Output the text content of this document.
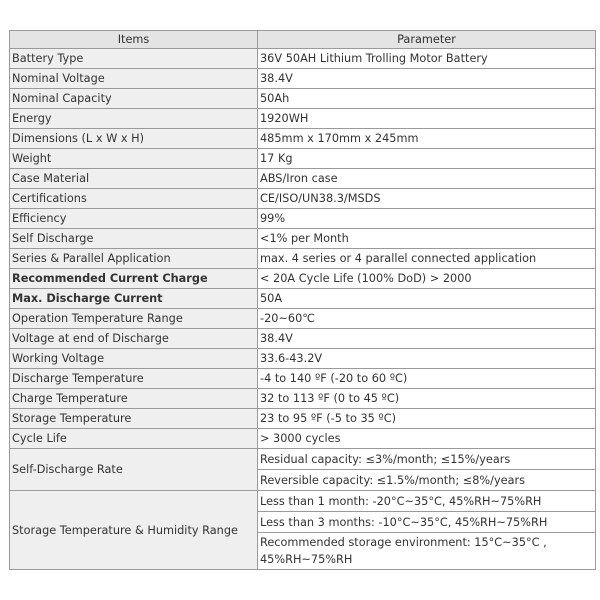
Items	Parameter
Battery Type	36V 50AH Lithium Trolling Motor Battery
Nominal Voltage	38.4V
Nominal Capacity	50Ah
Energy	1920WH
Dimensions (L x W x H)	485mm x 170mm x 245mm
Weight	17 Kg
Case Material	ABS/Iron case
Certifications	CE/ISO/UN38.3/MSDS
Efficiency	99%
Self Discharge	<1% per Month
Series & Parallel Application	max. 4 series or 4 parallel connected application
Recommended Current Charge	< 20A Cycle Life (100% DoD) > 2000
Max. Discharge Current	50A
Operation Temperature Range	-20~60℃
Voltage at end of Discharge	38.4V
Working Voltage	33.6-43.2V
Discharge Temperature	-4 to 140 ºF (-20 to 60 ºC)
Charge Temperature	32 to 113 ºF (0 to 45 ºC)
Storage Temperature	23 to 95 ºF (-5 to 35 ºC)
Cycle Life	> 3000 cycles
Self-Discharge Rate	Residual capacity: ≤3%/month; ≤15%/years
	Reversible capacity: ≤1.5%/month; ≤8%/years
Storage Temperature & Humidity Range	Less than 1 month: -20°C~35°C, 45%RH~75%RH
	Less than 3 months: -10°C~35°C, 45%RH~75%RH
	Recommended storage environment: 15°C~35°C , 45%RH~75%RH
